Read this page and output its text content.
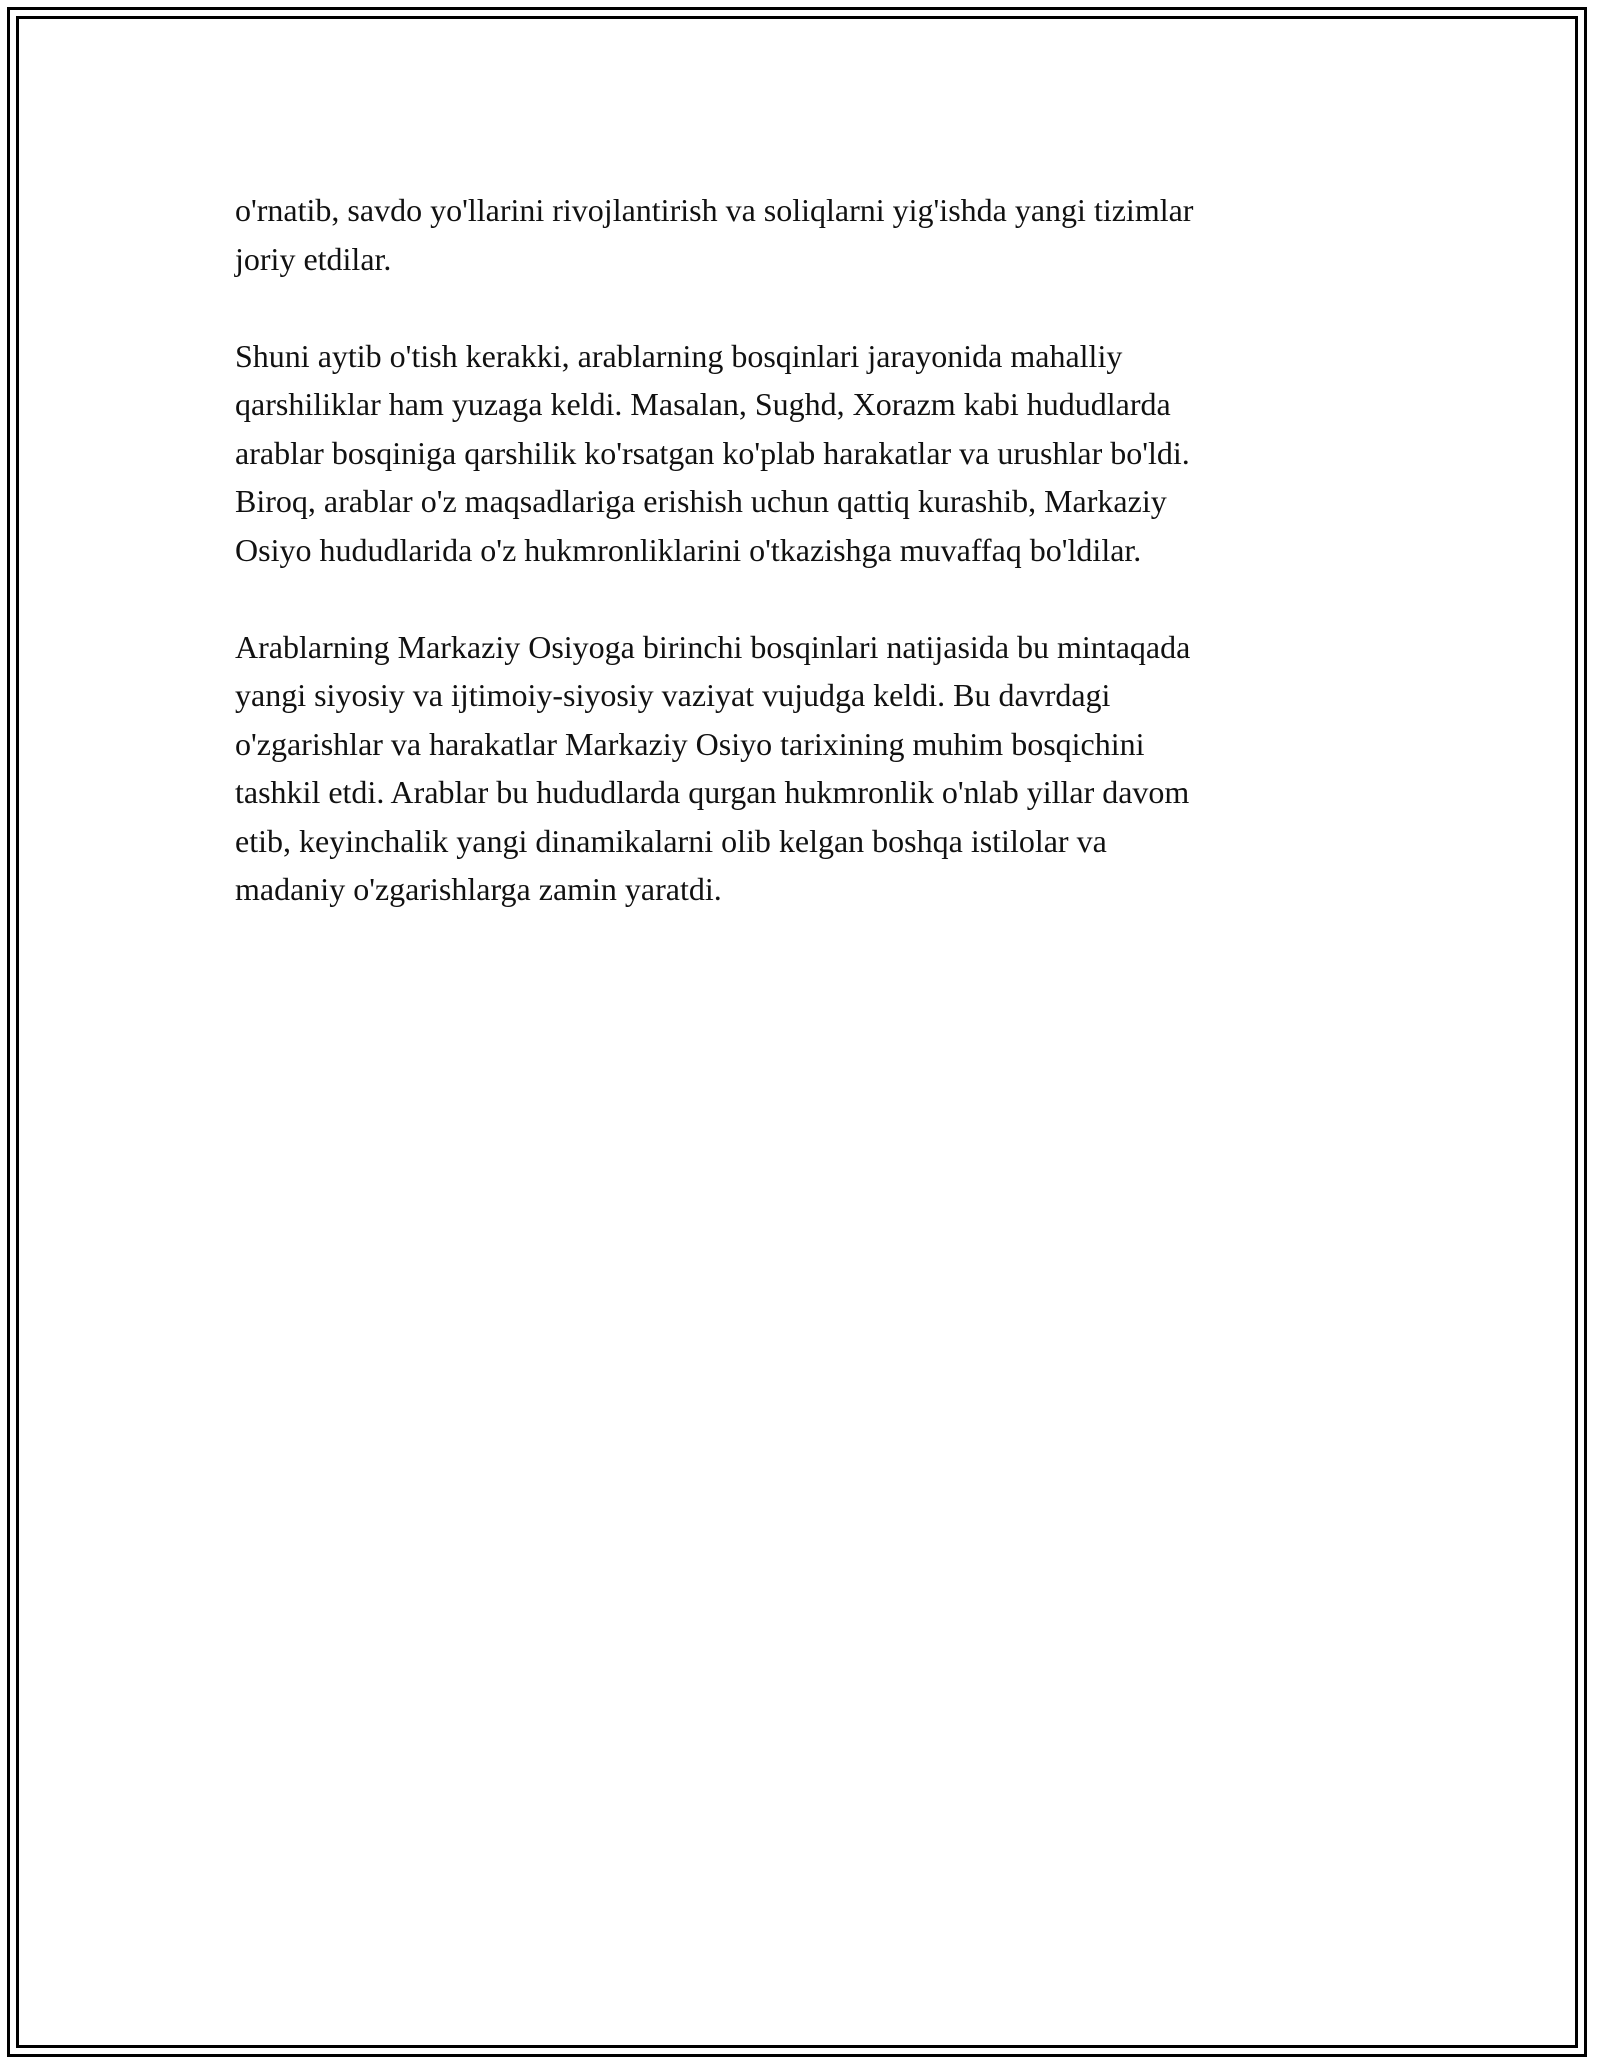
o'rnatib, savdo yo'llarini rivojlantirish va soliqlarni yig'ishda yangi tizimlar
joriy etdilar.
Shuni aytib o'tish kerakki, arablarning bosqinlari jarayonida mahalliy
qarshiliklar ham yuzaga keldi. Masalan, Sughd, Xorazm kabi hududlarda
arablar bosqiniga qarshilik ko'rsatgan ko'plab harakatlar va urushlar bo'ldi.
Biroq, arablar o'z maqsadlariga erishish uchun qattiq kurashib, Markaziy
Osiyo hududlarida o'z hukmronliklarini o'tkazishga muvaffaq bo'ldilar.
Arablarning Markaziy Osiyoga birinchi bosqinlari natijasida bu mintaqada
yangi siyosiy va ijtimoiy-siyosiy vaziyat vujudga keldi. Bu davrdagi
o'zgarishlar va harakatlar Markaziy Osiyo tarixining muhim bosqichini
tashkil etdi. Arablar bu hududlarda qurgan hukmronlik o'nlab yillar davom
etib, keyinchalik yangi dinamikalarni olib kelgan boshqa istilolar va
madaniy o'zgarishlarga zamin yaratdi.
